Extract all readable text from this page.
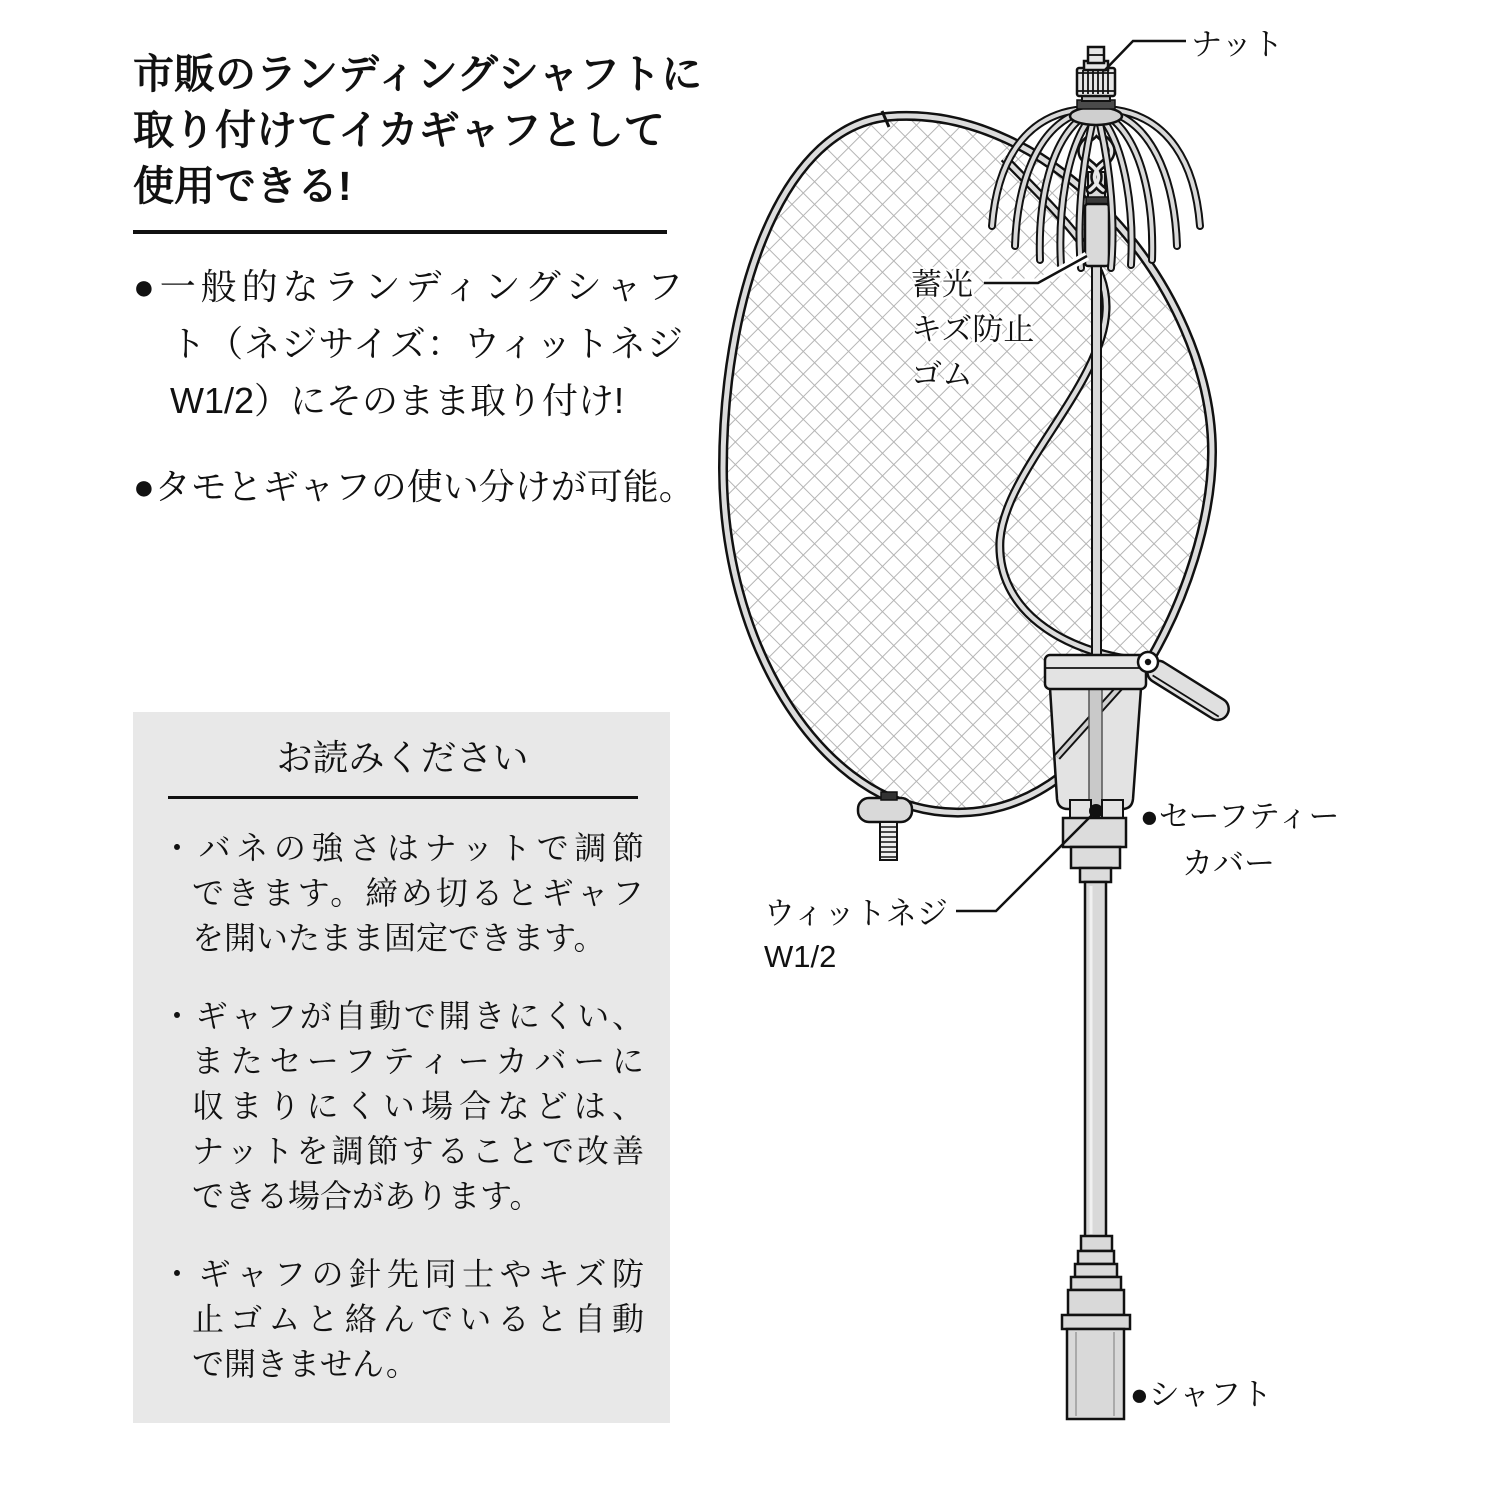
市販のランディングシャフトに
取り付けてイカギャフとして
使用できる!
●一般的なランディングシャフ
ト（ネジサイズ：ウィットネジ
W1/2）にそのまま取り付け!
●タモとギャフの使い分けが可能。
お読みください
・バネの強さはナットで調節
できます。締め切るとギャフ
を開いたまま固定できます。
・ギャフが自動で開きにくい、
またセーフティーカバーに
収まりにくい場合などは、
ナットを調節することで改善
できる場合があります。
・ギャフの針先同士やキズ防
止ゴムと絡んでいると自動
で開きません。
ナット
蓄光
キズ防止
ゴム
●セーフティー
カバー
ウィットネジ
W1/2
●シャフト
